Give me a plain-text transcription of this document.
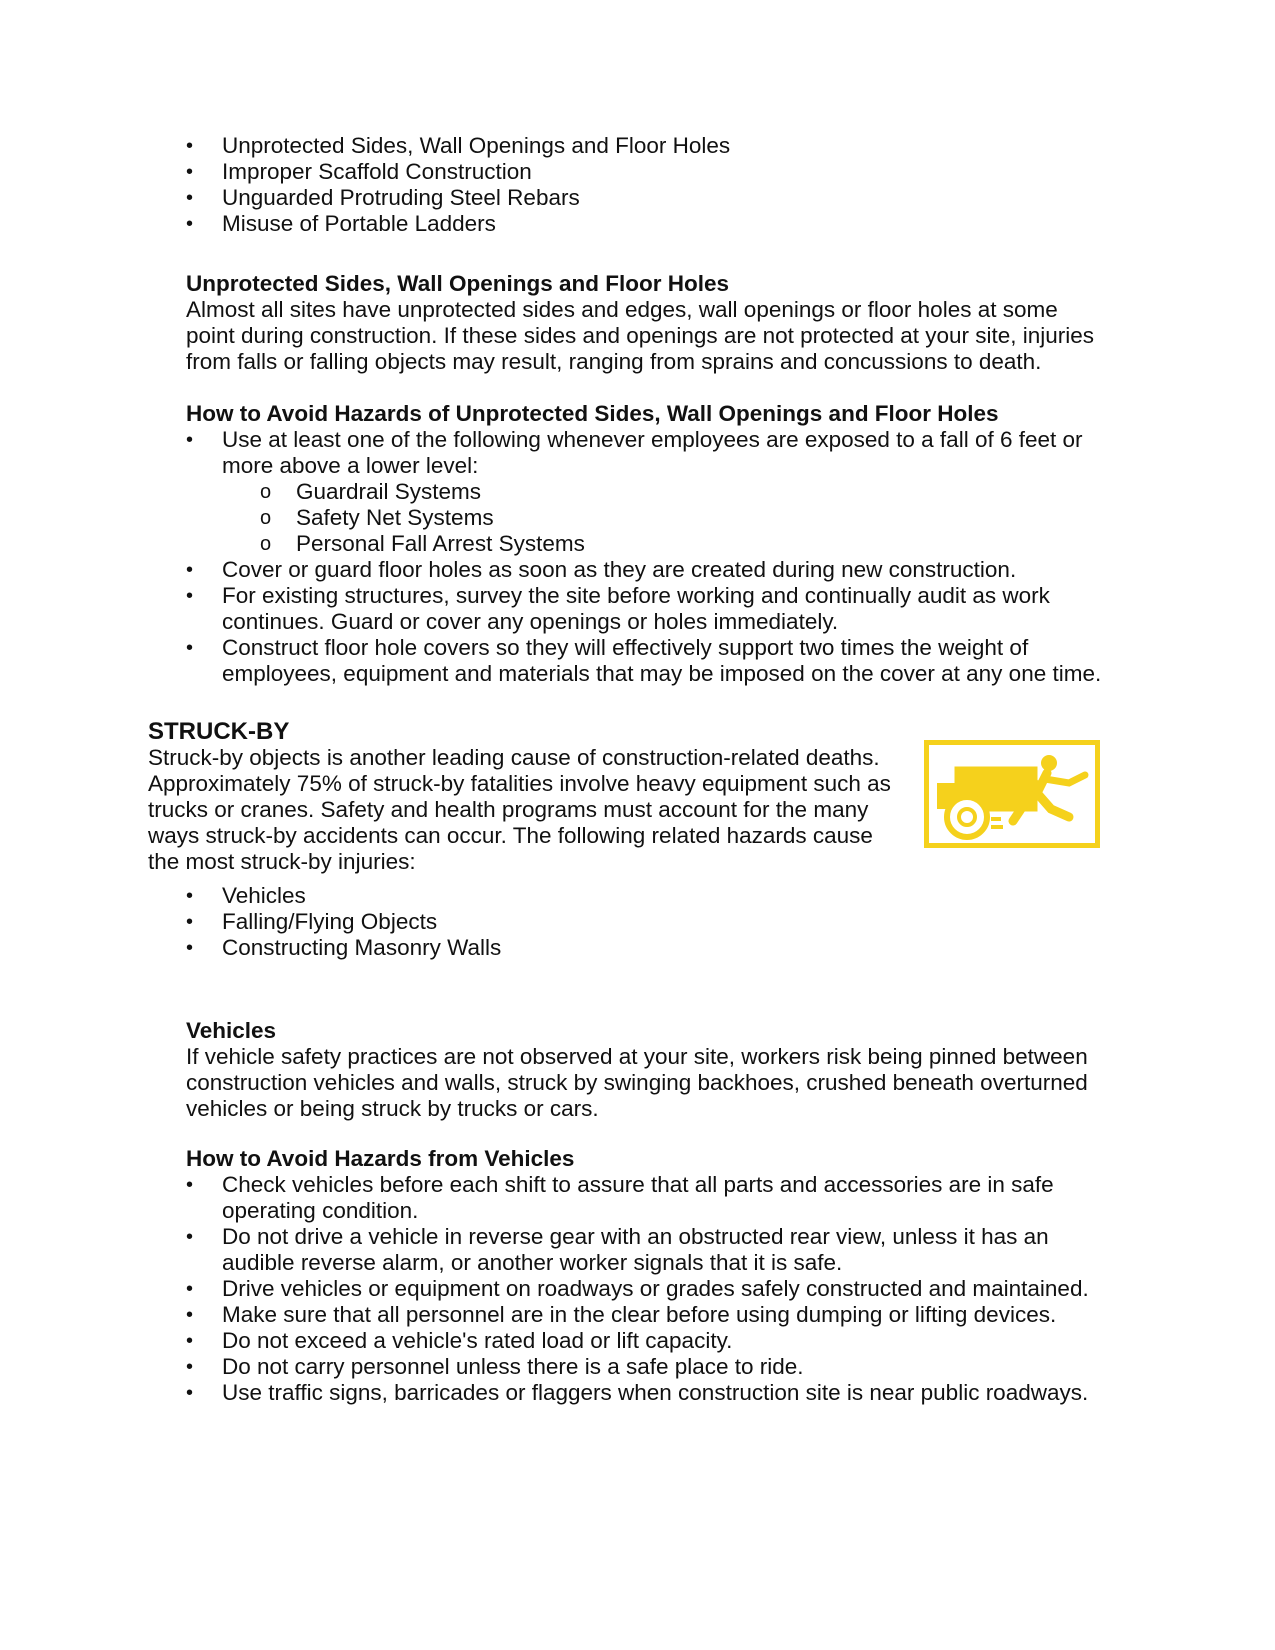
• Unprotected Sides, Wall Openings and Floor Holes
• Improper Scaffold Construction
• Unguarded Protruding Steel Rebars
• Misuse of Portable Ladders

Unprotected Sides, Wall Openings and Floor Holes

Almost all sites have unprotected sides and edges, wall openings or floor holes at some

point during construction. If these sides and openings are not protected at your site, injuries

from falls or falling objects may result, ranging from sprains and concussions to death.

How to Avoid Hazards of Unprotected Sides, Wall Openings and Floor Holes

• Use at least one of the following whenever employees are exposed to a fall of 6 feet or
more above a lower level:
o Guardrail Systems
o Safety Net Systems
o Personal Fall Arrest Systems
• Cover or guard floor holes as soon as they are created during new construction.
• For existing structures, survey the site before working and continually audit as work
continues. Guard or cover any openings or holes immediately.
• Construct floor hole covers so they will effectively support two times the weight of
employees, equipment and materials that may be imposed on the cover at any one time.

STRUCK-BY

Struck-by objects is another leading cause of construction-related deaths.

Approximately 75% of struck-by fatalities involve heavy equipment such as

trucks or cranes. Safety and health programs must account for the many

ways struck-by accidents can occur. The following related hazards cause

the most struck-by injuries:

• Vehicles
• Falling/Flying Objects
• Constructing Masonry Walls

Vehicles

If vehicle safety practices are not observed at your site, workers risk being pinned between

construction vehicles and walls, struck by swinging backhoes, crushed beneath overturned

vehicles or being struck by trucks or cars.

How to Avoid Hazards from Vehicles

• Check vehicles before each shift to assure that all parts and accessories are in safe
operating condition.
• Do not drive a vehicle in reverse gear with an obstructed rear view, unless it has an
audible reverse alarm, or another worker signals that it is safe.
• Drive vehicles or equipment on roadways or grades safely constructed and maintained.
• Make sure that all personnel are in the clear before using dumping or lifting devices.
• Do not exceed a vehicle's rated load or lift capacity.
• Do not carry personnel unless there is a safe place to ride.
• Use traffic signs, barricades or flaggers when construction site is near public roadways.
